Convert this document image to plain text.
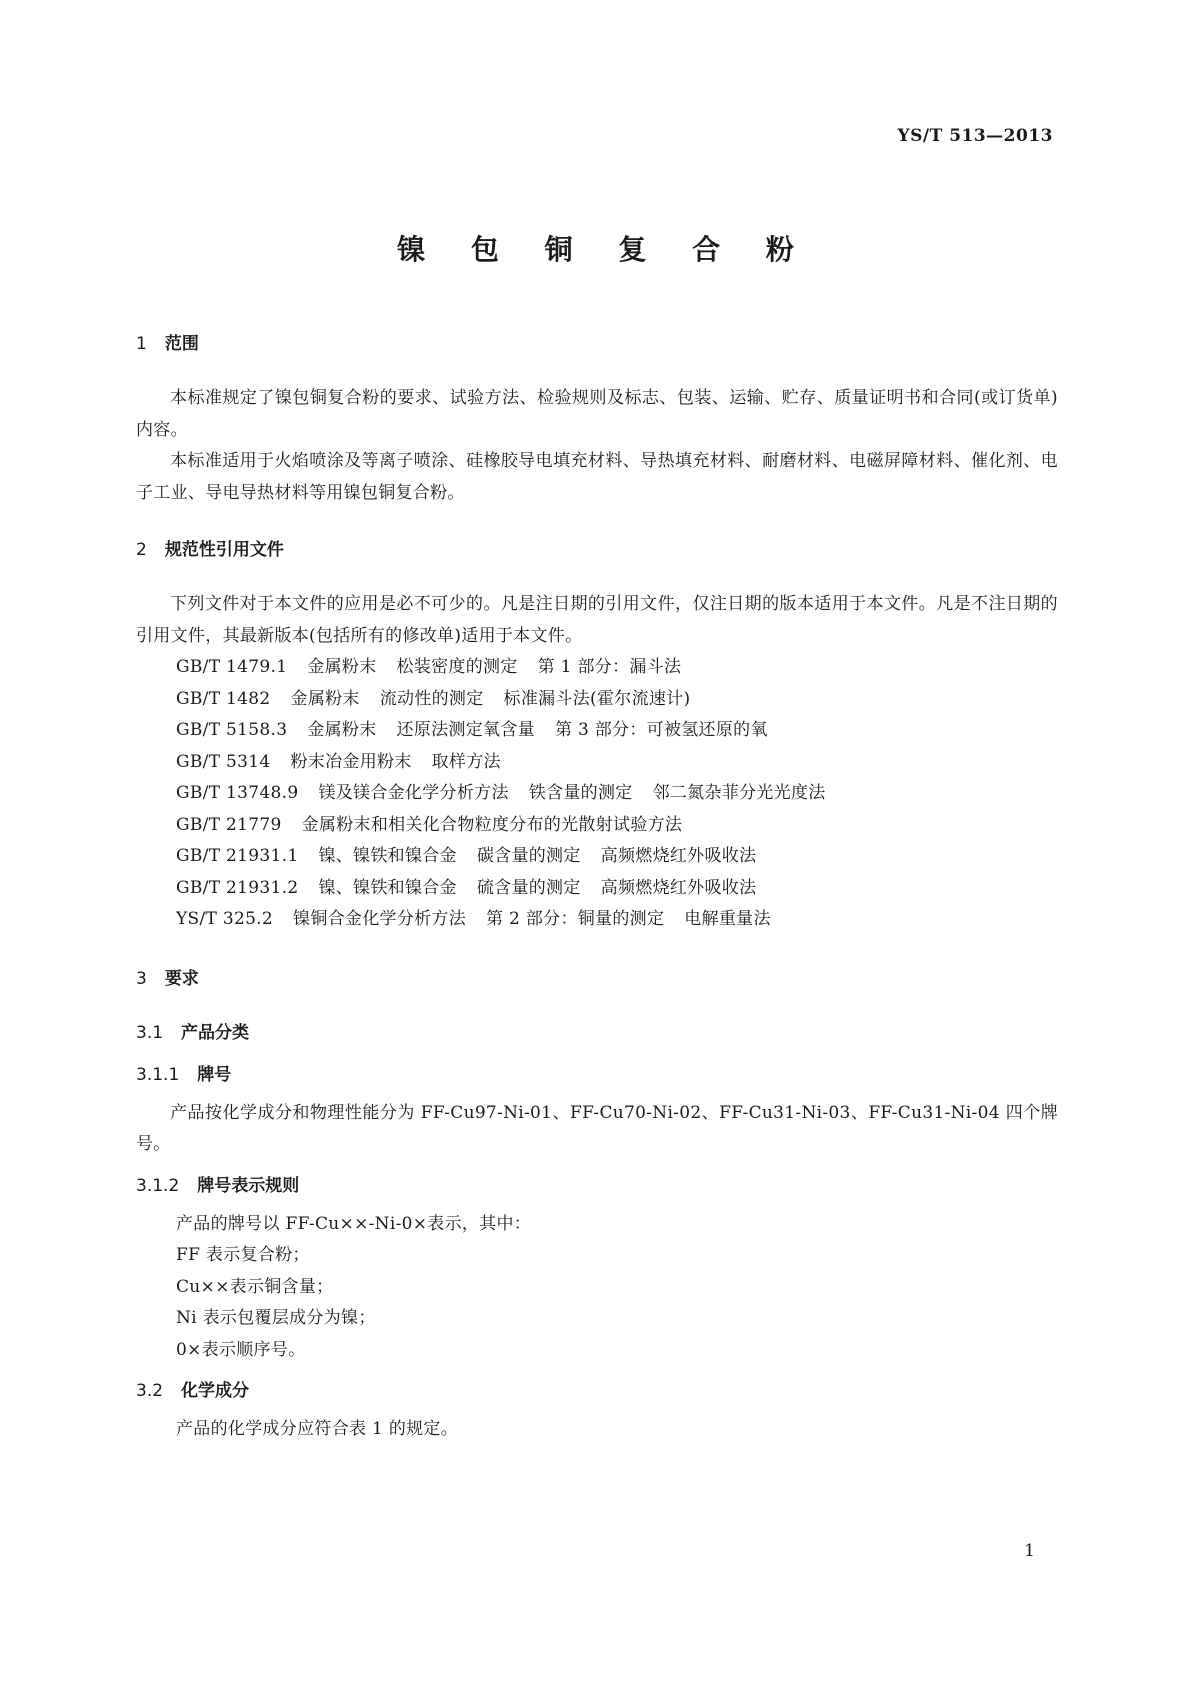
YS/T 513—2013
镍 包 铜 复 合 粉
1 范围
本标准规定了镍包铜复合粉的要求、试验方法、检验规则及标志、包装、运输、贮存、质量证明书和合同(或订货单)内容。
本标准适用于火焰喷涂及等离子喷涂、硅橡胶导电填充材料、导热填充材料、耐磨材料、电磁屏障材料、催化剂、电子工业、导电导热材料等用镍包铜复合粉。
2 规范性引用文件
下列文件对于本文件的应用是必不可少的。凡是注日期的引用文件，仅注日期的版本适用于本文件。凡是不注日期的引用文件，其最新版本(包括所有的修改单)适用于本文件。
GB/T 1479.1 金属粉末 松装密度的测定 第 1 部分：漏斗法
GB/T 1482 金属粉末 流动性的测定 标准漏斗法(霍尔流速计)
GB/T 5158.3 金属粉末 还原法测定氧含量 第 3 部分：可被氢还原的氧
GB/T 5314 粉末冶金用粉末 取样方法
GB/T 13748.9 镁及镁合金化学分析方法 铁含量的测定 邻二氮杂菲分光光度法
GB/T 21779 金属粉末和相关化合物粒度分布的光散射试验方法
GB/T 21931.1 镍、镍铁和镍合金 碳含量的测定 高频燃烧红外吸收法
GB/T 21931.2 镍、镍铁和镍合金 硫含量的测定 高频燃烧红外吸收法
YS/T 325.2 镍铜合金化学分析方法 第 2 部分：铜量的测定 电解重量法
3 要求
3.1 产品分类
3.1.1 牌号
产品按化学成分和物理性能分为 FF-Cu97-Ni-01、FF-Cu70-Ni-02、FF-Cu31-Ni-03、FF-Cu31-Ni-04 四个牌号。
3.1.2 牌号表示规则
产品的牌号以 FF-Cu××-Ni-0×表示，其中：
FF 表示复合粉；
Cu××表示铜含量；
Ni 表示包覆层成分为镍；
0×表示顺序号。
3.2 化学成分
产品的化学成分应符合表 1 的规定。
1
